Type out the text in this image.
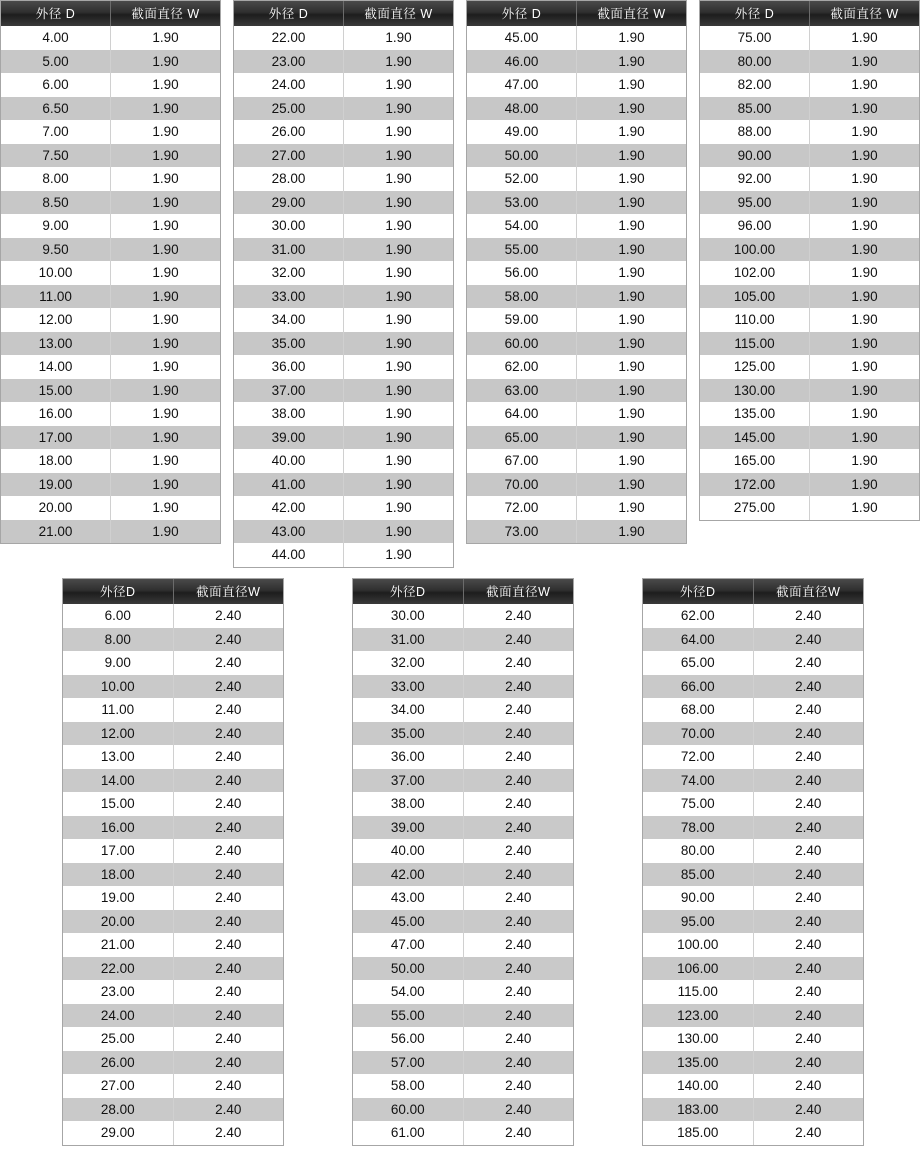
外径 D	截面直径 W
4.00	1.90
5.00	1.90
6.00	1.90
6.50	1.90
7.00	1.90
7.50	1.90
8.00	1.90
8.50	1.90
9.00	1.90
9.50	1.90
10.00	1.90
11.00	1.90
12.00	1.90
13.00	1.90
14.00	1.90
15.00	1.90
16.00	1.90
17.00	1.90
18.00	1.90
19.00	1.90
20.00	1.90
21.00	1.90
外径 D	截面直径 W
22.00	1.90
23.00	1.90
24.00	1.90
25.00	1.90
26.00	1.90
27.00	1.90
28.00	1.90
29.00	1.90
30.00	1.90
31.00	1.90
32.00	1.90
33.00	1.90
34.00	1.90
35.00	1.90
36.00	1.90
37.00	1.90
38.00	1.90
39.00	1.90
40.00	1.90
41.00	1.90
42.00	1.90
43.00	1.90
44.00	1.90
外径 D	截面直径 W
45.00	1.90
46.00	1.90
47.00	1.90
48.00	1.90
49.00	1.90
50.00	1.90
52.00	1.90
53.00	1.90
54.00	1.90
55.00	1.90
56.00	1.90
58.00	1.90
59.00	1.90
60.00	1.90
62.00	1.90
63.00	1.90
64.00	1.90
65.00	1.90
67.00	1.90
70.00	1.90
72.00	1.90
73.00	1.90
外径 D	截面直径 W
75.00	1.90
80.00	1.90
82.00	1.90
85.00	1.90
88.00	1.90
90.00	1.90
92.00	1.90
95.00	1.90
96.00	1.90
100.00	1.90
102.00	1.90
105.00	1.90
110.00	1.90
115.00	1.90
125.00	1.90
130.00	1.90
135.00	1.90
145.00	1.90
165.00	1.90
172.00	1.90
275.00	1.90
外径D	截面直径W
6.00	2.40
8.00	2.40
9.00	2.40
10.00	2.40
11.00	2.40
12.00	2.40
13.00	2.40
14.00	2.40
15.00	2.40
16.00	2.40
17.00	2.40
18.00	2.40
19.00	2.40
20.00	2.40
21.00	2.40
22.00	2.40
23.00	2.40
24.00	2.40
25.00	2.40
26.00	2.40
27.00	2.40
28.00	2.40
29.00	2.40
外径D	截面直径W
30.00	2.40
31.00	2.40
32.00	2.40
33.00	2.40
34.00	2.40
35.00	2.40
36.00	2.40
37.00	2.40
38.00	2.40
39.00	2.40
40.00	2.40
42.00	2.40
43.00	2.40
45.00	2.40
47.00	2.40
50.00	2.40
54.00	2.40
55.00	2.40
56.00	2.40
57.00	2.40
58.00	2.40
60.00	2.40
61.00	2.40
外径D	截面直径W
62.00	2.40
64.00	2.40
65.00	2.40
66.00	2.40
68.00	2.40
70.00	2.40
72.00	2.40
74.00	2.40
75.00	2.40
78.00	2.40
80.00	2.40
85.00	2.40
90.00	2.40
95.00	2.40
100.00	2.40
106.00	2.40
115.00	2.40
123.00	2.40
130.00	2.40
135.00	2.40
140.00	2.40
183.00	2.40
185.00	2.40
